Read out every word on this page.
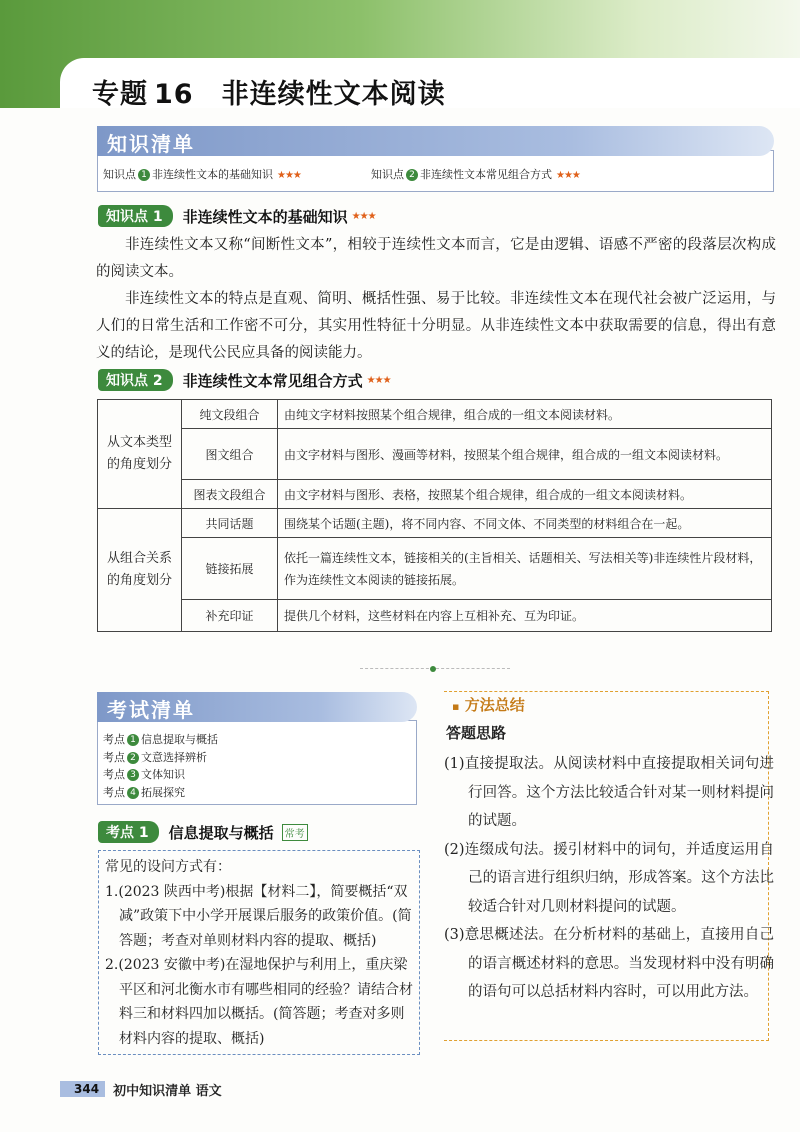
专题 16 非连续性文本阅读
知识清单
知识点 1 非连续性文本的基础知识 ★★★	知识点 2 非连续性文本常见组合方式 ★★★
知识点 1	非连续性文本的基础知识 ★★★
非连续性文本又称“间断性文本”，相较于连续性文本而言，它是由逻辑、语感不严密的段落层次构成的阅读文本。
非连续性文本的特点是直观、简明、概括性强、易于比较。非连续性文本在现代社会被广泛运用，与人们的日常生活和工作密不可分，其实用性特征十分明显。从非连续性文本中获取需要的信息，得出有意义的结论，是现代公民应具备的阅读能力。
知识点 2	非连续性文本常见组合方式 ★★★
从文本类型的角度划分	纯文段组合	由纯文字材料按照某个组合规律，组合成的一组文本阅读材料。
	图文组合	由文字材料与图形、漫画等材料，按照某个组合规律，组合成的一组文本阅读材料。
	图表文段组合	由文字材料与图形、表格，按照某个组合规律，组合成的一组文本阅读材料。
从组合关系的角度划分	共同话题	围绕某个话题(主题)，将不同内容、不同文体、不同类型的材料组合在一起。
	链接拓展	依托一篇连续性文本，链接相关的(主旨相关、话题相关、写法相关等)非连续性片段材料，作为连续性文本阅读的链接拓展。
	补充印证	提供几个材料，这些材料在内容上互相补充、互为印证。
考试清单
考点 1 信息提取与概括
考点 2 文意选择辨析
考点 3 文体知识
考点 4 拓展探究
考点 1	信息提取与概括	常考
常见的设问方式有：
1.(2023 陕西中考)根据【材料二】，简要概括“双减”政策下中小学开展课后服务的政策价值。(简答题；考查对单则材料内容的提取、概括)
2.(2023 安徽中考)在湿地保护与利用上，重庆梁平区和河北衡水市有哪些相同的经验？请结合材料三和材料四加以概括。(简答题；考查对多则材料内容的提取、概括)
▪ 方法总结
答题思路
(1)直接提取法。从阅读材料中直接提取相关词句进行回答。这个方法比较适合针对某一则材料提问的试题。
(2)连缀成句法。援引材料中的词句，并适度运用自己的语言进行组织归纳，形成答案。这个方法比较适合针对几则材料提问的试题。
(3)意思概述法。在分析材料的基础上，直接用自己的语言概述材料的意思。当发现材料中没有明确的语句可以总括材料内容时，可以用此方法。
344	初中知识清单 语文
